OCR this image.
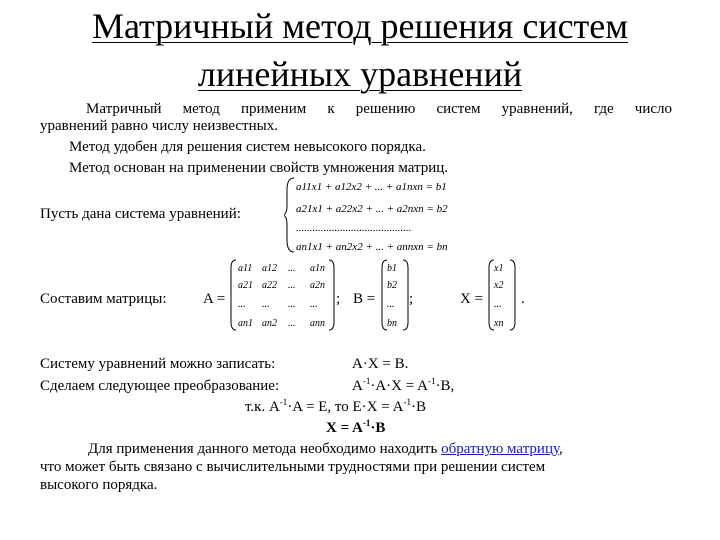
Матричный метод решения систем линейных уравнений
Матричный метод применим к решению систем уравнений, где число
уравнений равно числу неизвестных.
Метод удобен для решения систем невысокого порядка.
Метод основан на применении свойств умножения матриц.
Пусть дана система уравнений:
a11x1 + a12x2 + ... + a1nxn = b1
a21x1 + a22x2 + ... + a2nxn = b2
..........................................
an1x1 + an2x2 + ... + annxn = bn
Составим матрицы: A =
a11 a12 ... a1n
a21 a22 ... a2n
... ... ... ...
an1 an2 ... ann
; B =
b1
b2
...
bn
;	X =
x1
x2
...
xn
.
Систему уравнений можно записать:	A·X = B.
Сделаем следующее преобразование:	$A^{-1}\cdot A\cdot X = A^{-1}\cdot B$,
т.к. $A^{-1}\cdot A = E$, то $E\cdot X = A^{-1}\cdot B$
$X = A^{-1}\cdot B$
Для применения данного метода необходимо находить обратную матрицу,
что может быть связано с вычислительными трудностями при решении систем
высокого порядка.
